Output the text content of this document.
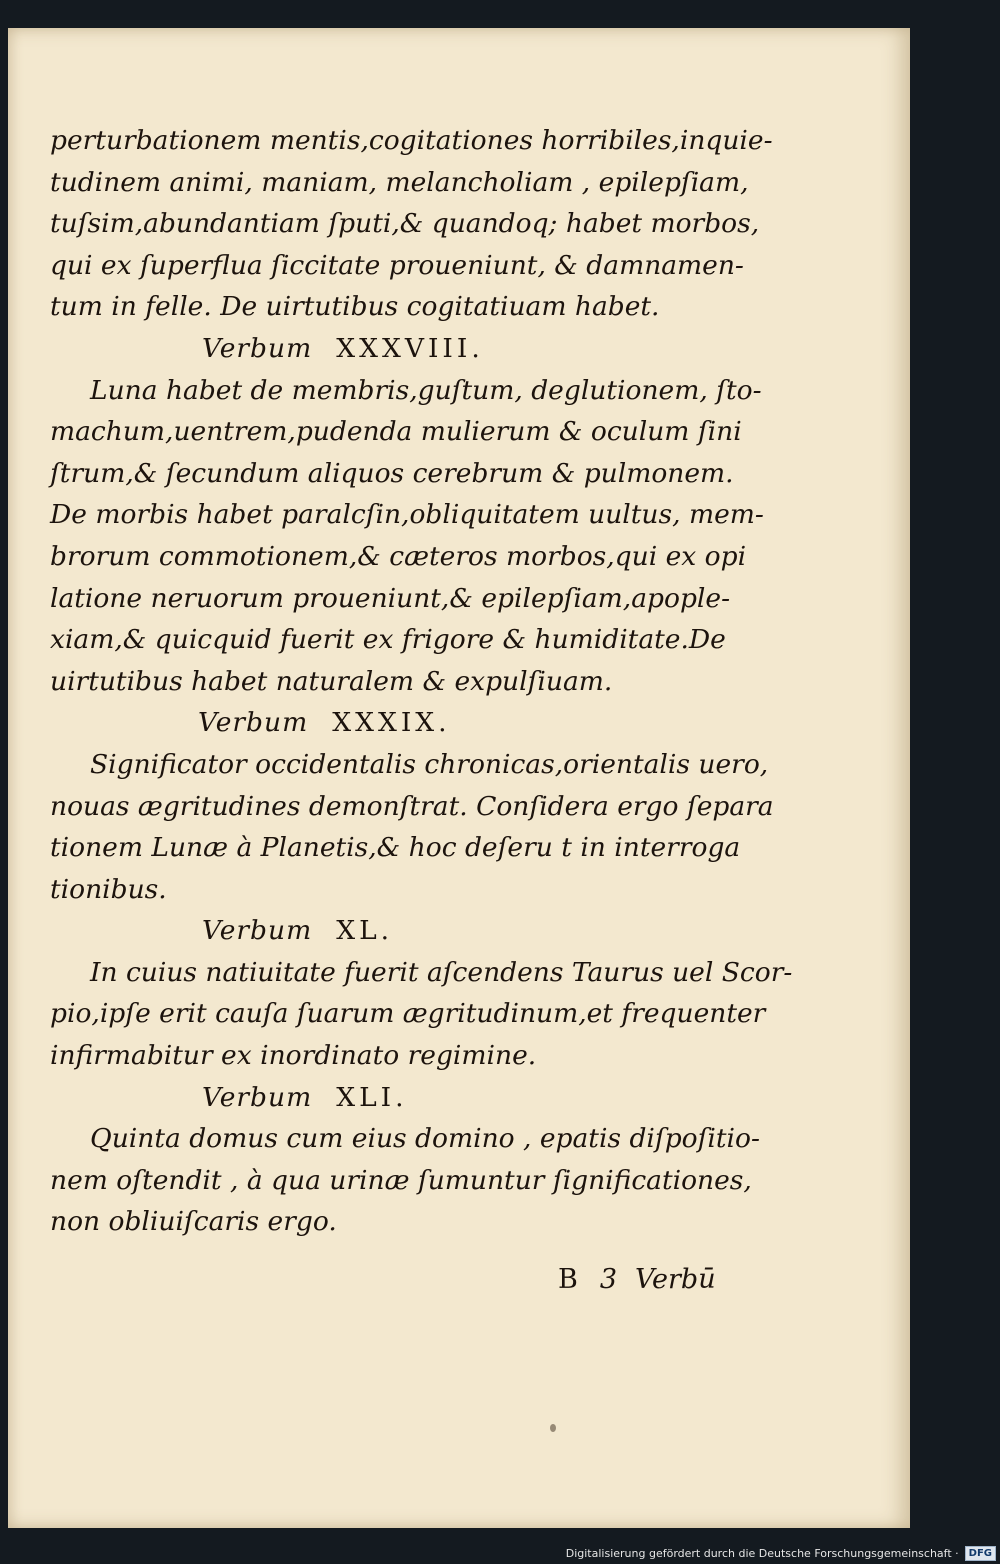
perturbationem mentis,cogitationes horribiles,inquie-
tudinem animi, maniam, melancholiam , epilepſiam,
tuſsim,abundantiam ſputi,& quandoq; habet morbos,
qui ex ſuperflua ſiccitate proueniunt, & damnamen-
tum in felle. De uirtutibus cogitatiuam habet.
Verbum XXXVIII.
Luna habet de membris,guſtum, deglutionem, ſto-
machum,uentrem,pudenda mulierum & oculum ſini
ſtrum,& ſecundum aliquos cerebrum & pulmonem.
De morbis habet paralcſin,obliquitatem uultus, mem-
brorum commotionem,& cæteros morbos,qui ex opi
latione neruorum proueniunt,& epilepſiam,apople-
xiam,& quicquid fuerit ex frigore & humiditate.De
uirtutibus habet naturalem & expulſiuam.
Verbum XXXIX.
Significator occidentalis chronicas,orientalis uero,
nouas ægritudines demonſtrat. Conſidera ergo ſepara
tionem Lunæ à Planetis,& hoc deſeru t in interroga
tionibus.
Verbum XL.
In cuius natiuitate fuerit aſcendens Taurus uel Scor-
pio,ipſe erit cauſa ſuarum ægritudinum,et frequenter
infirmabitur ex inordinato regimine.
Verbum XLI.
Quinta domus cum eius domino , epatis diſpoſitio-
nem oſtendit , à qua urinæ ſumuntur ſignificationes,
non obliuiſcaris ergo.
B 3 Verbū
Digitalisierung gefördert durch die Deutsche Forschungsgemeinschaft ·	DFG
